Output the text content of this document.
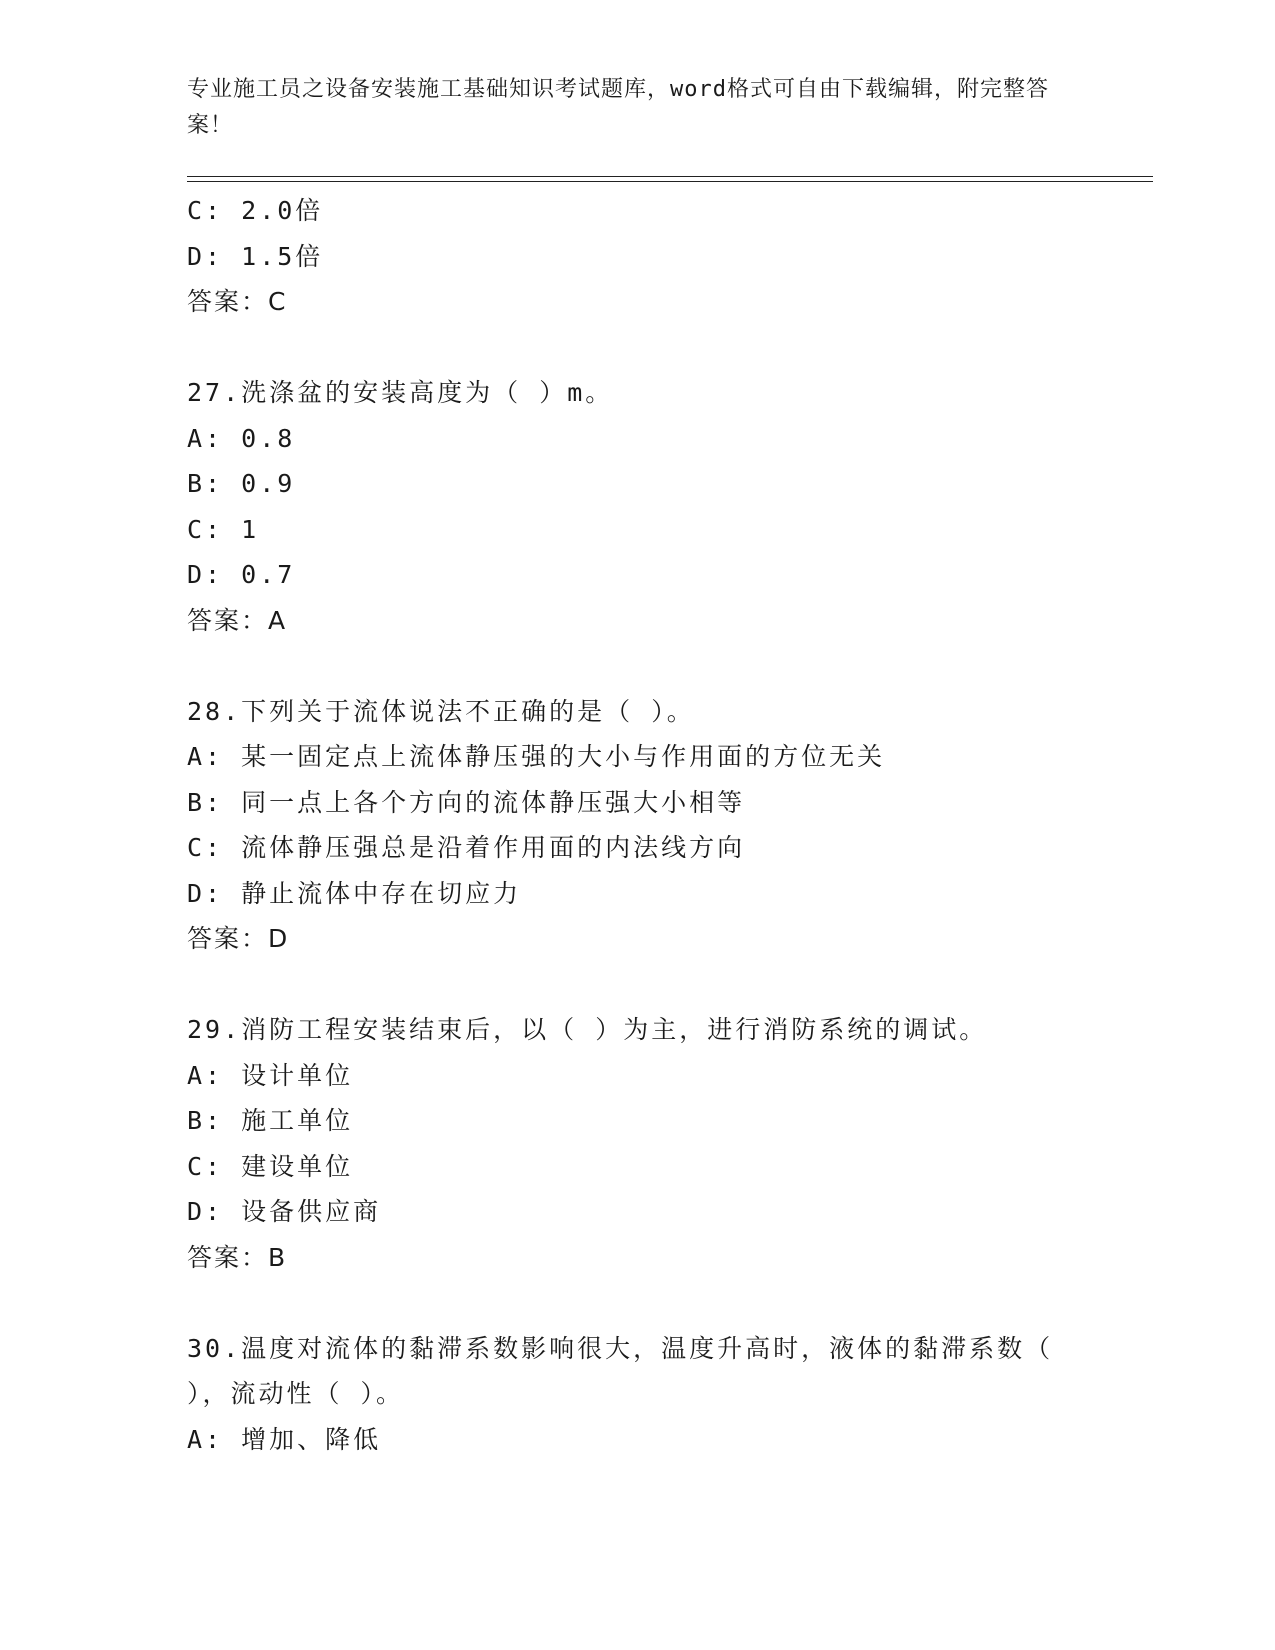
专业施工员之设备安装施工基础知识考试题库，word格式可自由下载编辑，附完整答案！
C: 2.0倍
D: 1.5倍
答案：C
27.洗涤盆的安装高度为（ ）m。
A: 0.8
B: 0.9
C: 1
D: 0.7
答案：A
28.下列关于流体说法不正确的是（ ）。
A: 某一固定点上流体静压强的大小与作用面的方位无关
B: 同一点上各个方向的流体静压强大小相等
C: 流体静压强总是沿着作用面的内法线方向
D: 静止流体中存在切应力
答案：D
29.消防工程安装结束后，以（ ）为主，进行消防系统的调试。
A: 设计单位
B: 施工单位
C: 建设单位
D: 设备供应商
答案：B
30.温度对流体的黏滞系数影响很大，温度升高时，液体的黏滞系数（ ），流动性（ ）。
A: 增加、降低
